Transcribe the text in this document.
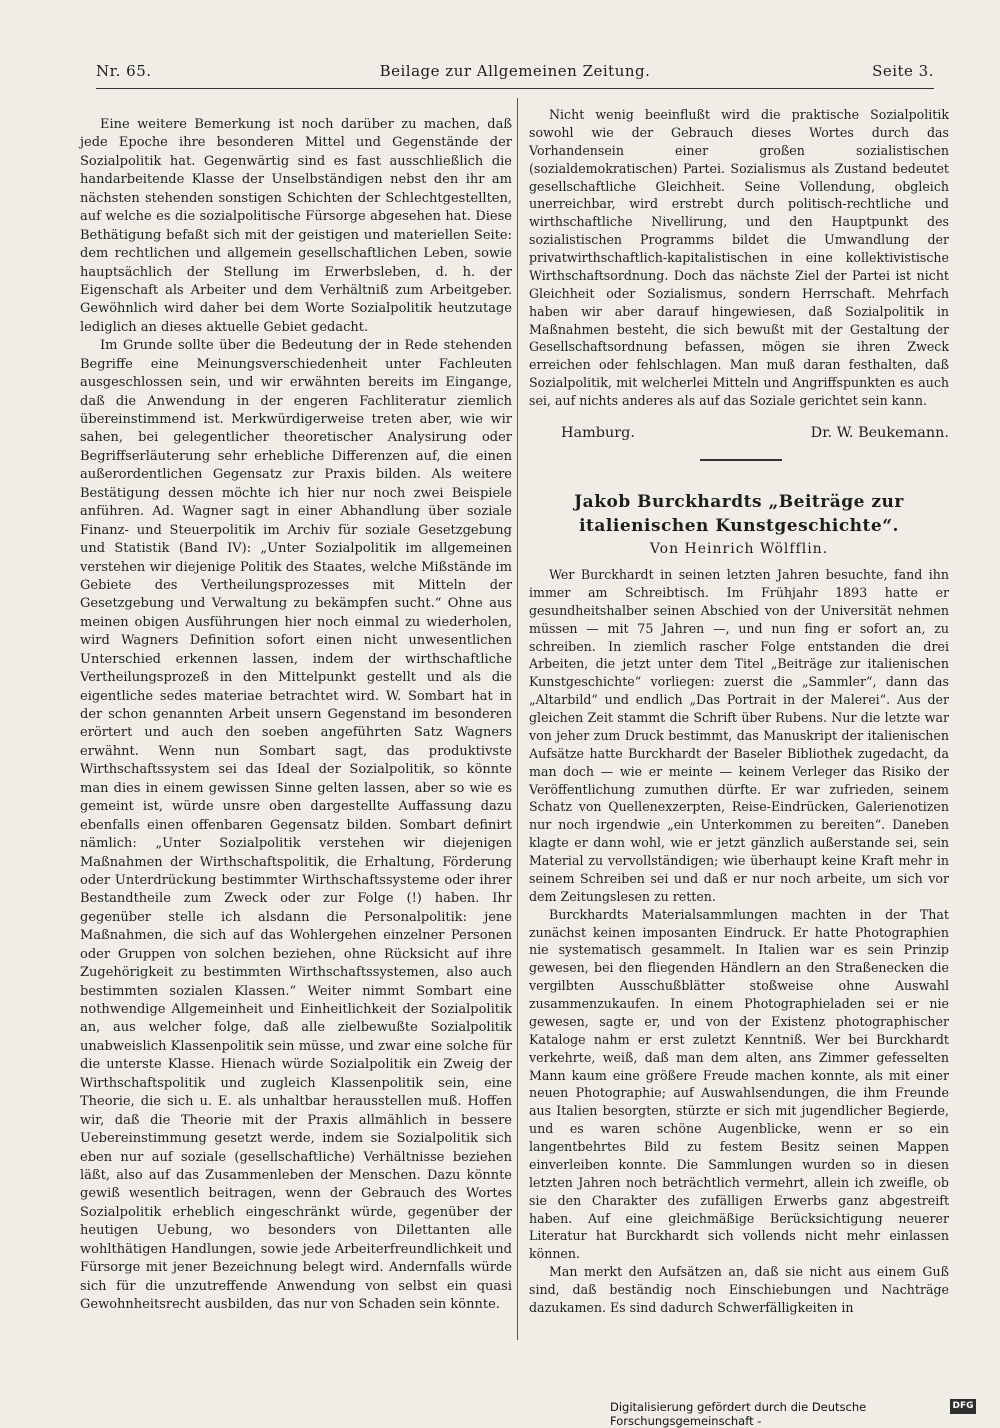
Nr. 65.	Beilage zur Allgemeinen Zeitung.	Seite 3.

Eine weitere Bemerkung ist noch darüber zu machen, daß jede Epoche ihre besonderen Mittel und Gegenstände der Sozialpolitik hat. Gegenwärtig sind es fast ausschließlich die handarbeitende Klasse der Unselbständigen nebst den ihr am nächsten stehenden sonstigen Schichten der Schlechtgestellten, auf welche es die sozialpolitische Fürsorge abgesehen hat. Diese Bethätigung befaßt sich mit der geistigen und materiellen Seite: dem rechtlichen und allgemein gesellschaftlichen Leben, sowie hauptsächlich der Stellung im Erwerbsleben, d. h. der Eigenschaft als Arbeiter und dem Verhältniß zum Arbeitgeber. Gewöhnlich wird daher bei dem Worte Sozialpolitik heutzutage lediglich an dieses aktuelle Gebiet gedacht.

Im Grunde sollte über die Bedeutung der in Rede stehenden Begriffe eine Meinungsverschiedenheit unter Fachleuten ausgeschlossen sein, und wir erwähnten bereits im Eingange, daß die Anwendung in der engeren Fachliteratur ziemlich übereinstimmend ist. Merkwürdigerweise treten aber, wie wir sahen, bei gelegentlicher theoretischer Analysirung oder Begriffserläuterung sehr erhebliche Differenzen auf, die einen außerordentlichen Gegensatz zur Praxis bilden. Als weitere Bestätigung dessen möchte ich hier nur noch zwei Beispiele anführen. Ad. Wagner sagt in einer Abhandlung über soziale Finanz- und Steuerpolitik im Archiv für soziale Gesetzgebung und Statistik (Band IV): „Unter Sozialpolitik im allgemeinen verstehen wir diejenige Politik des Staates, welche Mißstände im Gebiete des Vertheilungsprozesses mit Mitteln der Gesetzgebung und Verwaltung zu bekämpfen sucht.“ Ohne aus meinen obigen Ausführungen hier noch einmal zu wiederholen, wird Wagners Definition sofort einen nicht unwesentlichen Unterschied erkennen lassen, indem der wirthschaftliche Vertheilungsprozeß in den Mittelpunkt gestellt und als die eigentliche sedes materiae betrachtet wird. W. Sombart hat in der schon genannten Arbeit unsern Gegenstand im besonderen erörtert und auch den soeben angeführten Satz Wagners erwähnt. Wenn nun Sombart sagt, das produktivste Wirthschaftssystem sei das Ideal der Sozialpolitik, so könnte man dies in einem gewissen Sinne gelten lassen, aber so wie es gemeint ist, würde unsre oben dargestellte Auffassung dazu ebenfalls einen offenbaren Gegensatz bilden. Sombart definirt nämlich: „Unter Sozialpolitik verstehen wir diejenigen Maßnahmen der Wirthschaftspolitik, die Erhaltung, Förderung oder Unterdrückung bestimmter Wirthschaftssysteme oder ihrer Bestandtheile zum Zweck oder zur Folge (!) haben. Ihr gegenüber stelle ich alsdann die Personalpolitik: jene Maßnahmen, die sich auf das Wohlergehen einzelner Personen oder Gruppen von solchen beziehen, ohne Rücksicht auf ihre Zugehörigkeit zu bestimmten Wirthschaftssystemen, also auch bestimmten sozialen Klassen.“ Weiter nimmt Sombart eine nothwendige Allgemeinheit und Einheitlichkeit der Sozialpolitik an, aus welcher folge, daß alle zielbewußte Sozialpolitik unabweislich Klassenpolitik sein müsse, und zwar eine solche für die unterste Klasse. Hienach würde Sozialpolitik ein Zweig der Wirthschaftspolitik und zugleich Klassenpolitik sein, eine Theorie, die sich u. E. als unhaltbar herausstellen muß. Hoffen wir, daß die Theorie mit der Praxis allmählich in bessere Uebereinstimmung gesetzt werde, indem sie Sozialpolitik sich eben nur auf soziale (gesellschaftliche) Verhältnisse beziehen läßt, also auf das Zusammenleben der Menschen. Dazu könnte gewiß wesentlich beitragen, wenn der Gebrauch des Wortes Sozialpolitik erheblich eingeschränkt würde, gegenüber der heutigen Uebung, wo besonders von Dilettanten alle wohlthätigen Handlungen, sowie jede Arbeiterfreundlichkeit und Fürsorge mit jener Bezeichnung belegt wird. Andernfalls würde sich für die unzutreffende Anwendung von selbst ein quasi Gewohnheitsrecht ausbilden, das nur von Schaden sein könnte.

Nicht wenig beeinflußt wird die praktische Sozialpolitik sowohl wie der Gebrauch dieses Wortes durch das Vorhandensein einer großen sozialistischen (sozialdemokratischen) Partei. Sozialismus als Zustand bedeutet gesellschaftliche Gleichheit. Seine Vollendung, obgleich unerreichbar, wird erstrebt durch politisch-rechtliche und wirthschaftliche Nivellirung, und den Hauptpunkt des sozialistischen Programms bildet die Umwandlung der privatwirthschaftlich-kapitalistischen in eine kollektivistische Wirthschaftsordnung. Doch das nächste Ziel der Partei ist nicht Gleichheit oder Sozialismus, sondern Herrschaft. Mehrfach haben wir aber darauf hingewiesen, daß Sozialpolitik in Maßnahmen besteht, die sich bewußt mit der Gestaltung der Gesellschaftsordnung befassen, mögen sie ihren Zweck erreichen oder fehlschlagen. Man muß daran festhalten, daß Sozialpolitik, mit welcherlei Mitteln und Angriffspunkten es auch sei, auf nichts anderes als auf das Soziale gerichtet sein kann.

Hamburg.	Dr. W. Beukemann.
Jakob Burckhardts „Beiträge zur italienischen Kunstgeschichte“.
Von Heinrich Wölfflin.

Wer Burckhardt in seinen letzten Jahren besuchte, fand ihn immer am Schreibtisch. Im Frühjahr 1893 hatte er gesundheitshalber seinen Abschied von der Universität nehmen müssen — mit 75 Jahren —, und nun fing er sofort an, zu schreiben. In ziemlich rascher Folge entstanden die drei Arbeiten, die jetzt unter dem Titel „Beiträge zur italienischen Kunstgeschichte“ vorliegen: zuerst die „Sammler“, dann das „Altarbild“ und endlich „Das Portrait in der Malerei“. Aus der gleichen Zeit stammt die Schrift über Rubens. Nur die letzte war von jeher zum Druck bestimmt, das Manuskript der italienischen Aufsätze hatte Burckhardt der Baseler Bibliothek zugedacht, da man doch — wie er meinte — keinem Verleger das Risiko der Veröffentlichung zumuthen dürfte. Er war zufrieden, seinem Schatz von Quellenexzerpten, Reise-Eindrücken, Galerienotizen nur noch irgendwie „ein Unterkommen zu bereiten“. Daneben klagte er dann wohl, wie er jetzt gänzlich außerstande sei, sein Material zu vervollständigen; wie überhaupt keine Kraft mehr in seinem Schreiben sei und daß er nur noch arbeite, um sich vor dem Zeitungslesen zu retten.

Burckhardts Materialsammlungen machten in der That zunächst keinen imposanten Eindruck. Er hatte Photographien nie systematisch gesammelt. In Italien war es sein Prinzip gewesen, bei den fliegenden Händlern an den Straßenecken die vergilbten Ausschußblätter stoßweise ohne Auswahl zusammenzukaufen. In einem Photographieladen sei er nie gewesen, sagte er, und von der Existenz photographischer Kataloge nahm er erst zuletzt Kenntniß. Wer bei Burckhardt verkehrte, weiß, daß man dem alten, ans Zimmer gefesselten Mann kaum eine größere Freude machen konnte, als mit einer neuen Photographie; auf Auswahlsendungen, die ihm Freunde aus Italien besorgten, stürzte er sich mit jugendlicher Begierde, und es waren schöne Augenblicke, wenn er so ein langentbehrtes Bild zu festem Besitz seinen Mappen einverleiben konnte. Die Sammlungen wurden so in diesen letzten Jahren noch beträchtlich vermehrt, allein ich zweifle, ob sie den Charakter des zufälligen Erwerbs ganz abgestreift haben. Auf eine gleichmäßige Berücksichtigung neuerer Literatur hat Burckhardt sich vollends nicht mehr einlassen können.

Man merkt den Aufsätzen an, daß sie nicht aus einem Guß sind, daß beständig noch Einschiebungen und Nachträge dazukamen. Es sind dadurch Schwerfälligkeiten in

Digitalisierung gefördert durch die Deutsche Forschungsgemeinschaft -
DFG
